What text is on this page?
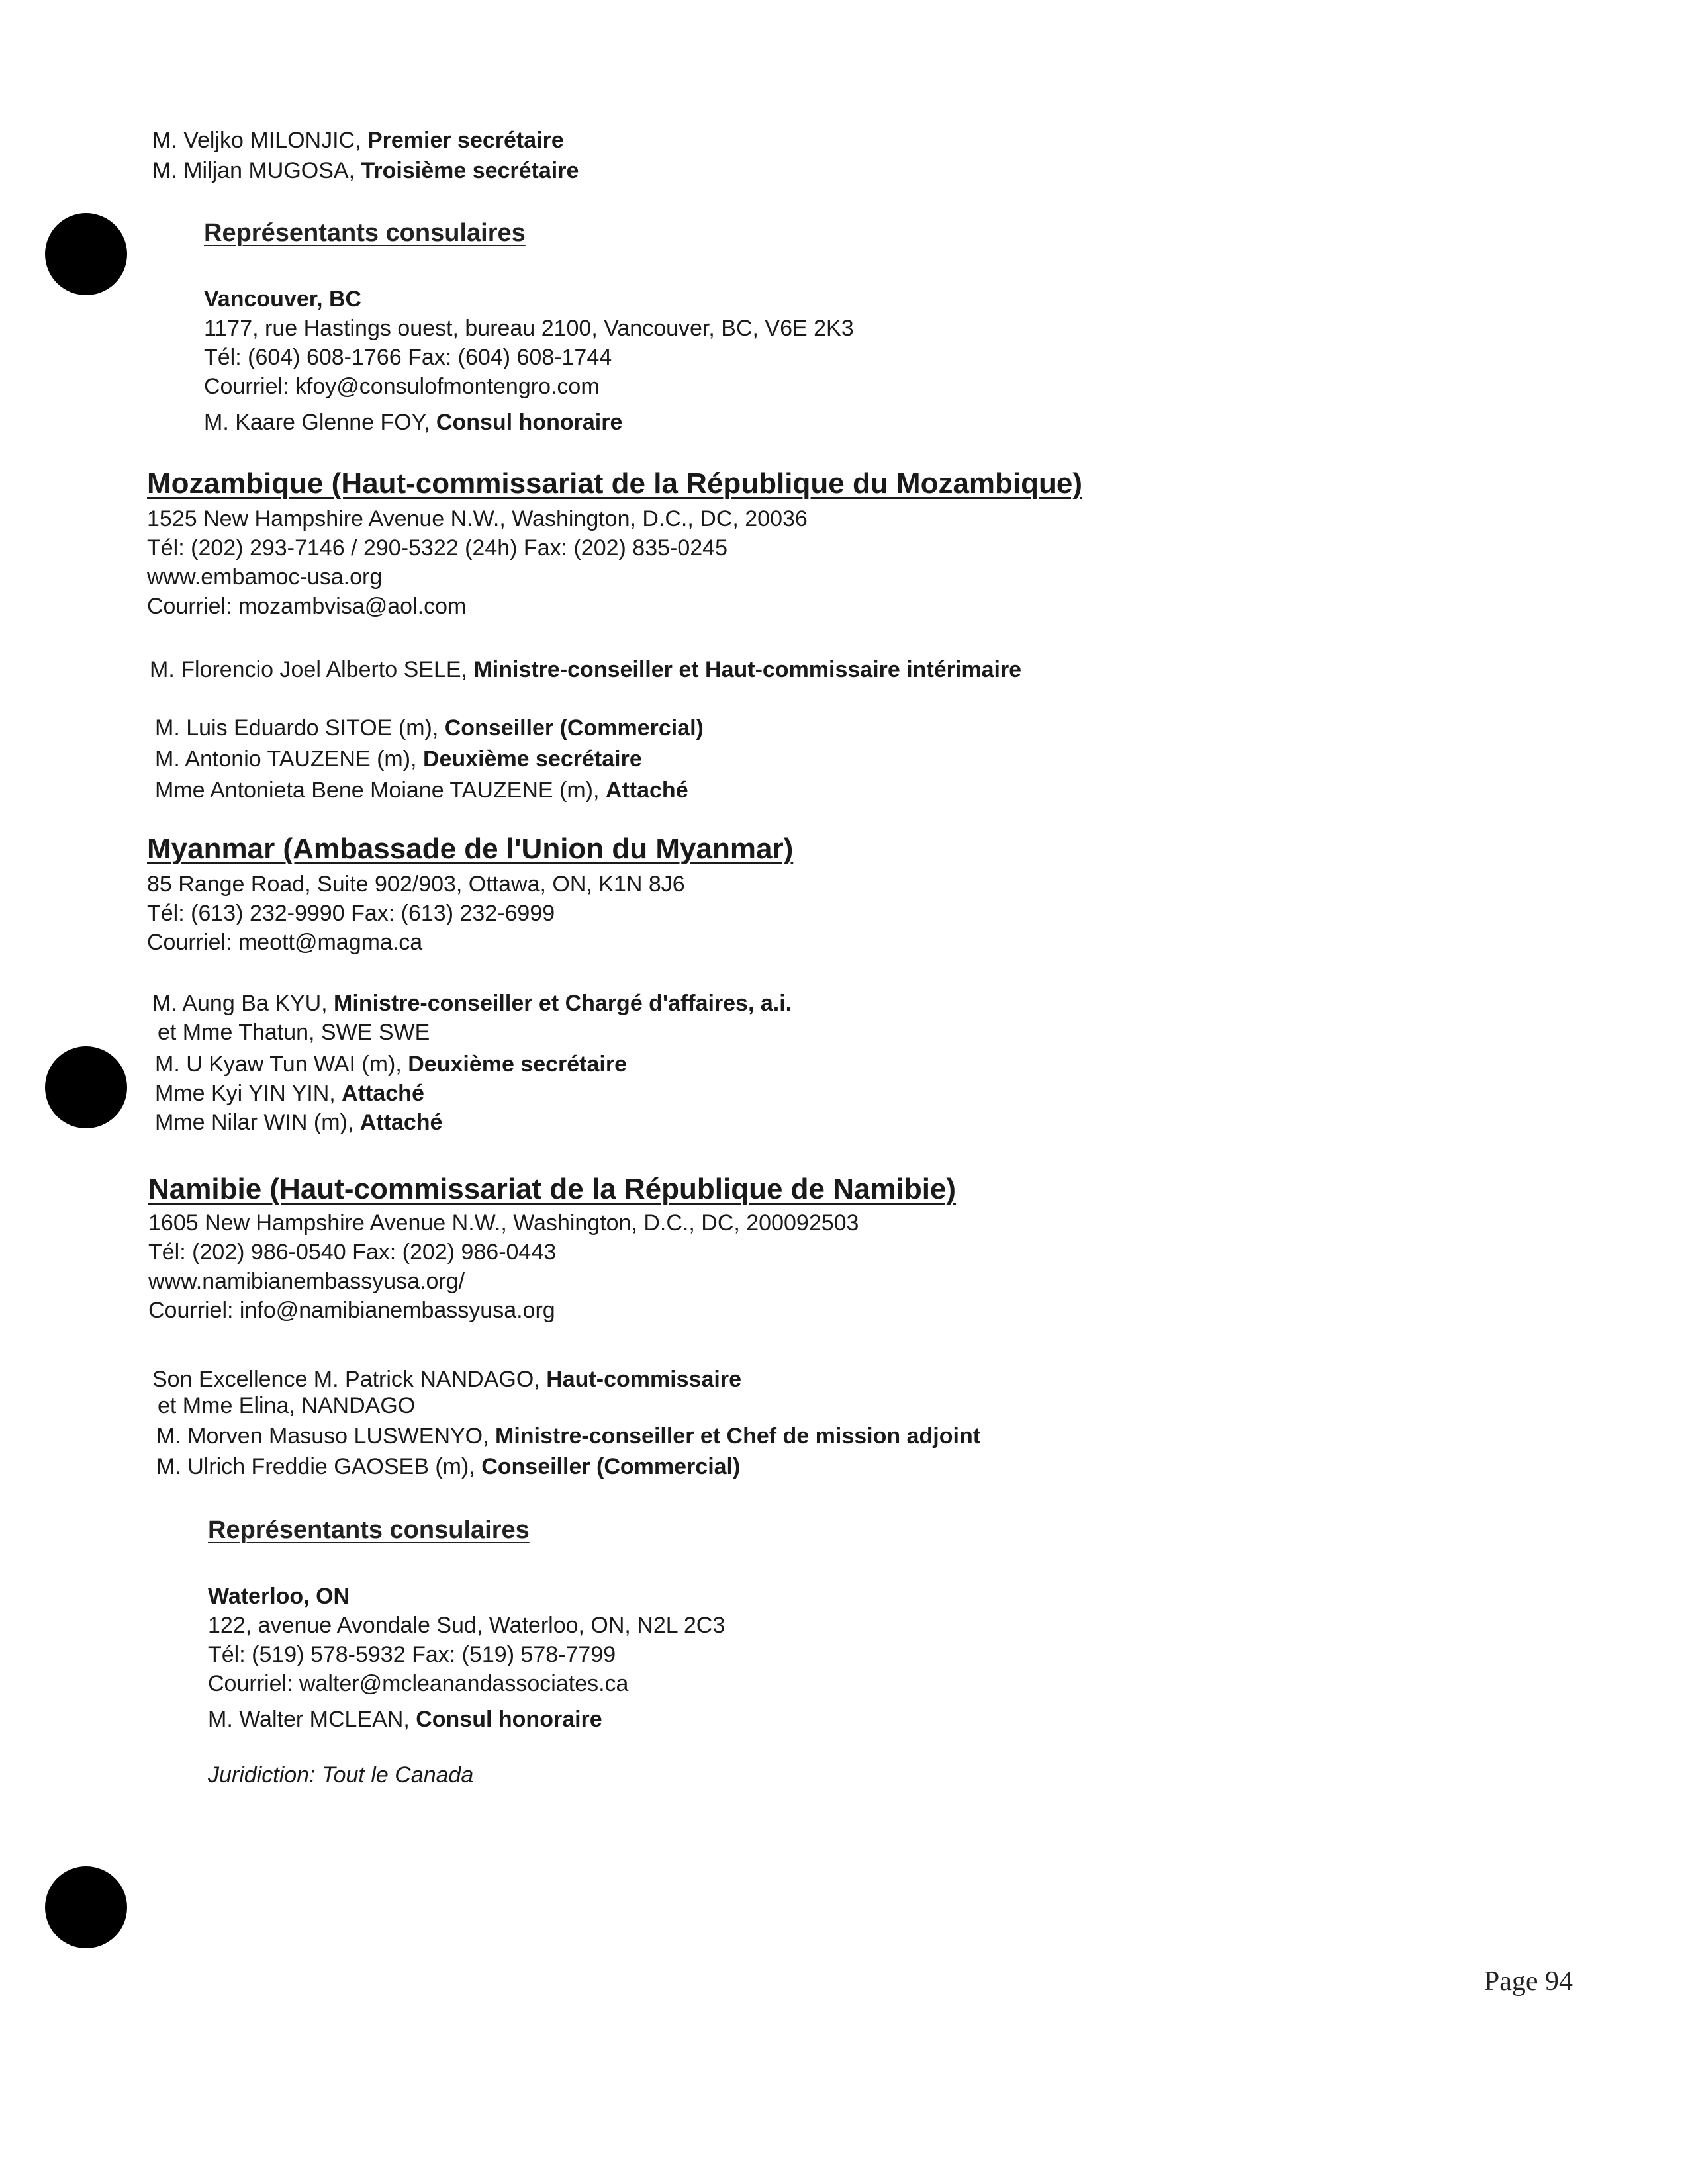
M. Veljko MILONJIC, Premier secrétaire
M. Miljan MUGOSA, Troisième secrétaire
Représentants consulaires
Vancouver, BC
1177, rue Hastings ouest, bureau 2100, Vancouver, BC, V6E 2K3
Tél: (604) 608-1766 Fax: (604) 608-1744
Courriel: kfoy@consulofmontengro.com
M. Kaare Glenne FOY, Consul honoraire
Mozambique (Haut-commissariat de la République du Mozambique)
1525 New Hampshire Avenue N.W., Washington, D.C., DC, 20036
Tél: (202) 293-7146 / 290-5322 (24h) Fax: (202) 835-0245
www.embamoc-usa.org
Courriel: mozambvisa@aol.com
M. Florencio Joel Alberto SELE, Ministre-conseiller et Haut-commissaire intérimaire
M. Luis Eduardo SITOE (m), Conseiller (Commercial)
M. Antonio TAUZENE (m), Deuxième secrétaire
Mme Antonieta Bene Moiane TAUZENE (m), Attaché
Myanmar (Ambassade de l'Union du Myanmar)
85 Range Road, Suite 902/903, Ottawa, ON, K1N 8J6
Tél: (613) 232-9990 Fax: (613) 232-6999
Courriel: meott@magma.ca
M. Aung Ba KYU, Ministre-conseiller et Chargé d'affaires, a.i.
et Mme Thatun, SWE SWE
M. U Kyaw Tun WAI (m), Deuxième secrétaire
Mme Kyi YIN YIN, Attaché
Mme Nilar WIN (m), Attaché
Namibie (Haut-commissariat de la République de Namibie)
1605 New Hampshire Avenue N.W., Washington, D.C., DC, 200092503
Tél: (202) 986-0540 Fax: (202) 986-0443
www.namibianembassyusa.org/
Courriel: info@namibianembassyusa.org
Son Excellence M. Patrick NANDAGO, Haut-commissaire
et Mme Elina, NANDAGO
M. Morven Masuso LUSWENYO, Ministre-conseiller et Chef de mission adjoint
M. Ulrich Freddie GAOSEB (m), Conseiller (Commercial)
Représentants consulaires
Waterloo, ON
122, avenue Avondale Sud, Waterloo, ON, N2L 2C3
Tél: (519) 578-5932 Fax: (519) 578-7799
Courriel: walter@mcleanandassociates.ca
M. Walter MCLEAN, Consul honoraire
Juridiction: Tout le Canada
Page 94
